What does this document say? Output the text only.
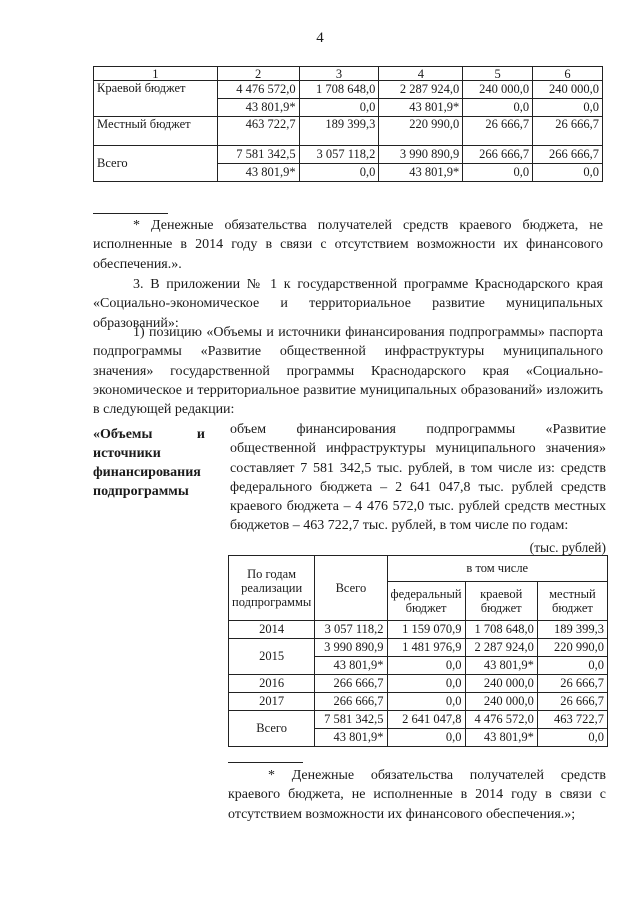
4
1	2	3	4	5	6
Краевой бюджет	4 476 572,0	1 708 648,0	2 287 924,0	240 000,0	240 000,0
	43 801,9*	0,0	43 801,9*	0,0	0,0
Местный бюджет	463 722,7	189 399,3	220 990,0	26 666,7	26 666,7
Всего	7 581 342,5	3 057 118,2	3 990 890,9	266 666,7	266 666,7
	43 801,9*	0,0	43 801,9*	0,0	0,0
* Денежные обязательства получателей средств краевого бюджета, не исполненные в 2014 году в связи с отсутствием возможности их финансового обеспечения.».
3. В приложении № 1 к государственной программе Краснодарского края «Социально-экономическое и территориальное развитие муниципальных образований»:
1) позицию «Объемы и источники финансирования подпрограммы» паспорта подпрограммы «Развитие общественной инфраструктуры муниципального значения» государственной программы Краснодарского края «Социально-экономическое и территориальное развитие муниципальных образований» изложить в следующей редакции:
«Объемы и источники финансирования подпрограммы
объем финансирования подпрограммы «Развитие общественной инфраструктуры муниципального значения» составляет 7 581 342,5 тыс. рублей, в том числе из: средств федерального бюджета – 2 641 047,8 тыс. рублей средств краевого бюджета – 4 476 572,0 тыс. рублей средств местных бюджетов – 463 722,7 тыс. рублей, в том числе по годам:
(тыс. рублей)
По годам реализации подпрограммы	Всего	в том числе		
		федеральный бюджет	краевой бюджет	местный бюджет
2014	3 057 118,2	1 159 070,9	1 708 648,0	189 399,3
2015	3 990 890,9	1 481 976,9	2 287 924,0	220 990,0
	43 801,9*	0,0	43 801,9*	0,0
2016	266 666,7	0,0	240 000,0	26 666,7
2017	266 666,7	0,0	240 000,0	26 666,7
Всего	7 581 342,5	2 641 047,8	4 476 572,0	463 722,7
	43 801,9*	0,0	43 801,9*	0,0
* Денежные обязательства получателей средств краевого бюджета, не исполненные в 2014 году в связи с отсутствием возможности их финансового обеспечения.»;
